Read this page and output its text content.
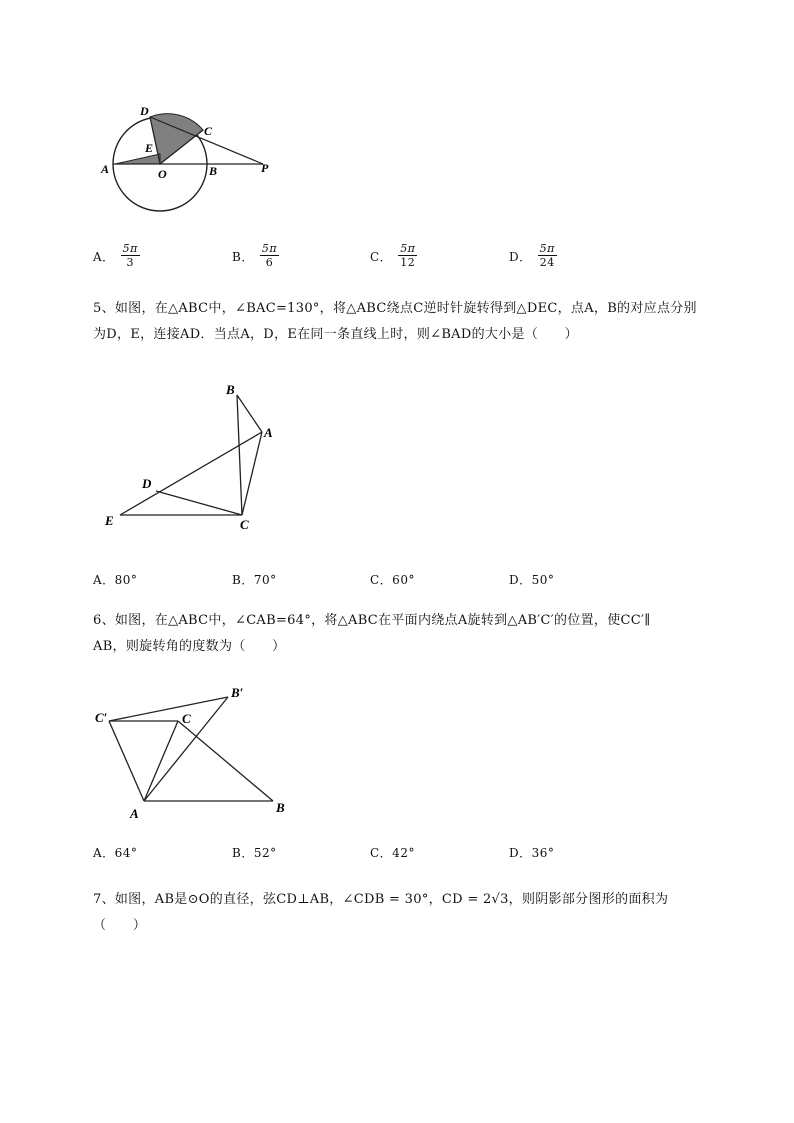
D
C
E
A	O	B	P
A． $\frac{5\pi}{3}$	B． $\frac{5\pi}{6}$	C． $\frac{5\pi}{12}$	D． $\frac{5\pi}{24}$
5、如图，在△ABC中，∠BAC=130°，将△ABC绕点C逆时针旋转得到△DEC，点A，B的对应点分别
为D，E，连接AD．当点A，D，E在同一条直线上时，则∠BAD的大小是（　　）
B
A
D
E	C
A．80°	B．70°	C．60°	D．50°
6、如图，在△ABC中，∠CAB=64°，将△ABC在平面内绕点A旋转到△AB′C′的位置，使CC′∥
AB，则旋转角的度数为（　　）
B′
C′	C
A	B
A．64°	B．52°	C．42°	D．36°
7、如图，AB是⊙O的直径，弦CD⊥AB，∠CDB = 30°，CD = 2√3，则阴影部分图形的面积为
（　　）
